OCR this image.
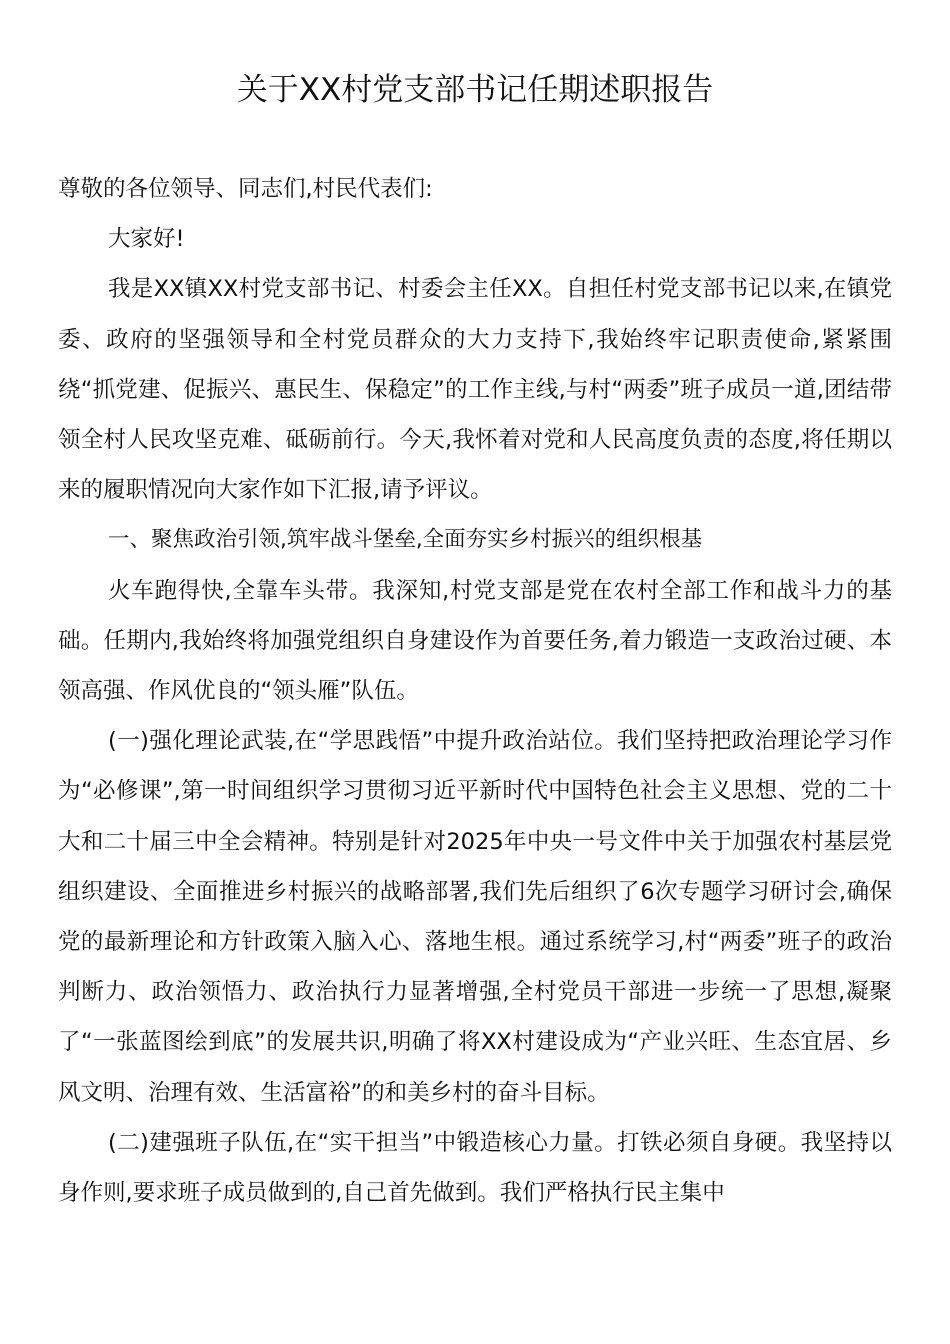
关于XX村党支部书记任期述职报告

尊敬的各位领导、同志们,村民代表们:

大家好!

我是XX镇XX村党支部书记、村委会主任XX。自担任村党支部书记以来,在镇党委、政府的坚强领导和全村党员群众的大力支持下,我始终牢记职责使命,紧紧围绕“抓党建、促振兴、惠民生、保稳定”的工作主线,与村“两委”班子成员一道,团结带领全村人民攻坚克难、砥砺前行。今天,我怀着对党和人民高度负责的态度,将任期以来的履职情况向大家作如下汇报,请予评议。

一、聚焦政治引领,筑牢战斗堡垒,全面夯实乡村振兴的组织根基

火车跑得快,全靠车头带。我深知,村党支部是党在农村全部工作和战斗力的基础。任期内,我始终将加强党组织自身建设作为首要任务,着力锻造一支政治过硬、本领高强、作风优良的“领头雁”队伍。

(一)强化理论武装,在“学思践悟”中提升政治站位。我们坚持把政治理论学习作为“必修课”,第一时间组织学习贯彻习近平新时代中国特色社会主义思想、党的二十大和二十届三中全会精神。特别是针对2025年中央一号文件中关于加强农村基层党组织建设、全面推进乡村振兴的战略部署,我们先后组织了6次专题学习研讨会,确保党的最新理论和方针政策入脑入心、落地生根。通过系统学习,村“两委”班子的政治判断力、政治领悟力、政治执行力显著增强,全村党员干部进一步统一了思想,凝聚了“一张蓝图绘到底”的发展共识,明确了将XX村建设成为“产业兴旺、生态宜居、乡风文明、治理有效、生活富裕”的和美乡村的奋斗目标。

(二)建强班子队伍,在“实干担当”中锻造核心力量。打铁必须自身硬。我坚持以身作则,要求班子成员做到的,自己首先做到。我们严格执行民主集中
